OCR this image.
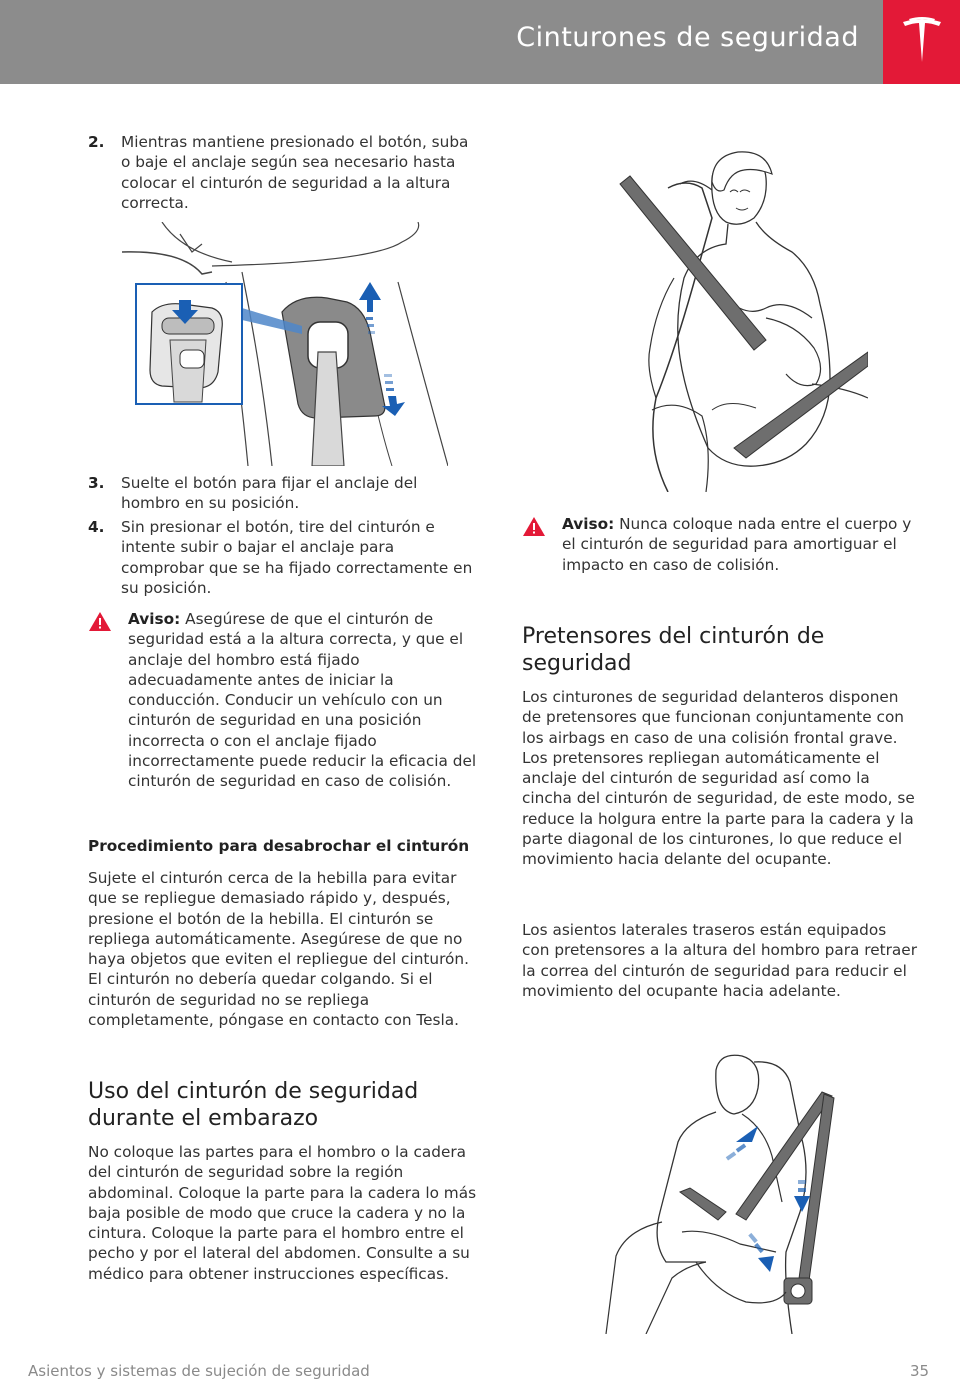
Cinturones de seguridad
2. Mientras mantiene presionado el botón, suba o baje el anclaje según sea necesario hasta colocar el cinturón de seguridad a la altura correcta.
3. Suelte el botón para fijar el anclaje del hombro en su posición.
4. Sin presionar el botón, tire del cinturón e intente subir o bajar el anclaje para comprobar que se ha fijado correctamente en su posición.
Aviso: Asegúrese de que el cinturón de seguridad está a la altura correcta, y que el anclaje del hombro está fijado adecuadamente antes de iniciar la conducción. Conducir un vehículo con un cinturón de seguridad en una posición incorrecta o con el anclaje fijado incorrectamente puede reducir la eficacia del cinturón de seguridad en caso de colisión.
Procedimiento para desabrochar el cinturón
Sujete el cinturón cerca de la hebilla para evitar que se repliegue demasiado rápido y, después, presione el botón de la hebilla. El cinturón se repliega automáticamente. Asegúrese de que no haya objetos que eviten el repliegue del cinturón. El cinturón no debería quedar colgando. Si el cinturón de seguridad no se repliega completamente, póngase en contacto con Tesla.
Uso del cinturón de seguridad durante el embarazo
No coloque las partes para el hombro o la cadera del cinturón de seguridad sobre la región abdominal. Coloque la parte para la cadera lo más baja posible de modo que cruce la cadera y no la cintura. Coloque la parte para el hombro entre el pecho y por el lateral del abdomen. Consulte a su médico para obtener instrucciones específicas.
Aviso: Nunca coloque nada entre el cuerpo y el cinturón de seguridad para amortiguar el impacto en caso de colisión.
Pretensores del cinturón de seguridad
Los cinturones de seguridad delanteros disponen de pretensores que funcionan conjuntamente con los airbags en caso de una colisión frontal grave. Los pretensores repliegan automáticamente el anclaje del cinturón de seguridad así como la cincha del cinturón de seguridad, de este modo, se reduce la holgura entre la parte para la cadera y la parte diagonal de los cinturones, lo que reduce el movimiento hacia delante del ocupante.
Los asientos laterales traseros están equipados con pretensores a la altura del hombro para retraer la correa del cinturón de seguridad para reducir el movimiento del ocupante hacia adelante.
Asientos y sistemas de sujeción de seguridad	35
